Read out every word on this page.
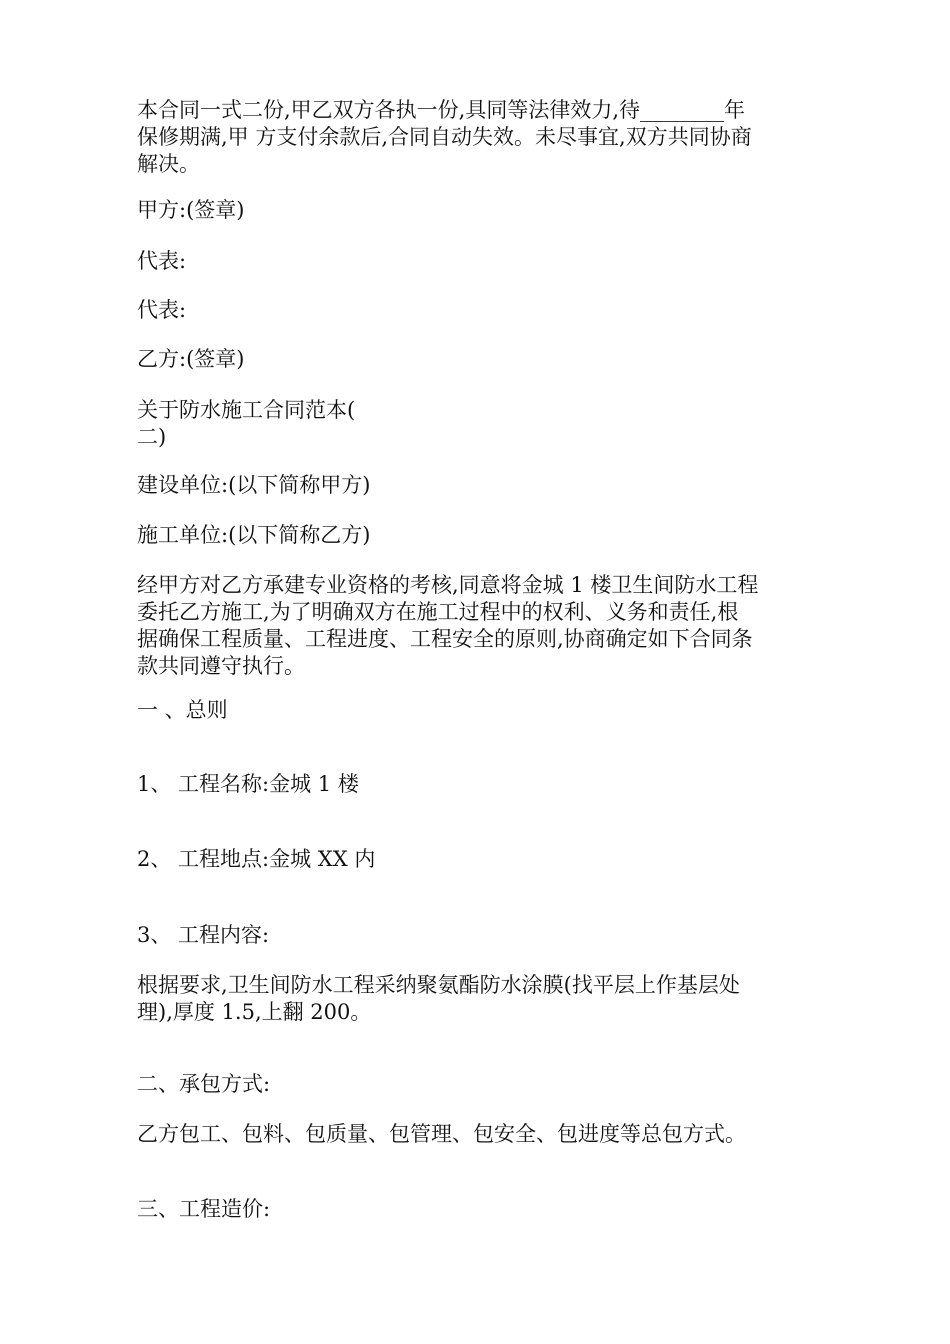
本合同一式二份,甲乙双方各执一份,具同等法律效力,待________年
保修期满,甲 方支付余款后,合同自动失效。未尽事宜,双方共同协商
解决。

甲方:(签章)

代表:

代表:

乙方:(签章)

关于防水施工合同范本(
二)

建设单位:(以下简称甲方)

施工单位:(以下简称乙方)

经甲方对乙方承建专业资格的考核,同意将金城 1 楼卫生间防水工程
委托乙方施工,为了明确双方在施工过程中的权利、义务和责任,根
据确保工程质量、工程进度、工程安全的原则,协商确定如下合同条
款共同遵守执行。

一 、总则

1、 工程名称:金城 1 楼

2、 工程地点:金城 XX 内

3、 工程内容:

根据要求,卫生间防水工程采纳聚氨酯防水涂膜(找平层上作基层处
理),厚度 1.5,上翻 200。

二、承包方式:

乙方包工、包料、包质量、包管理、包安全、包进度等总包方式。

三、工程造价:
